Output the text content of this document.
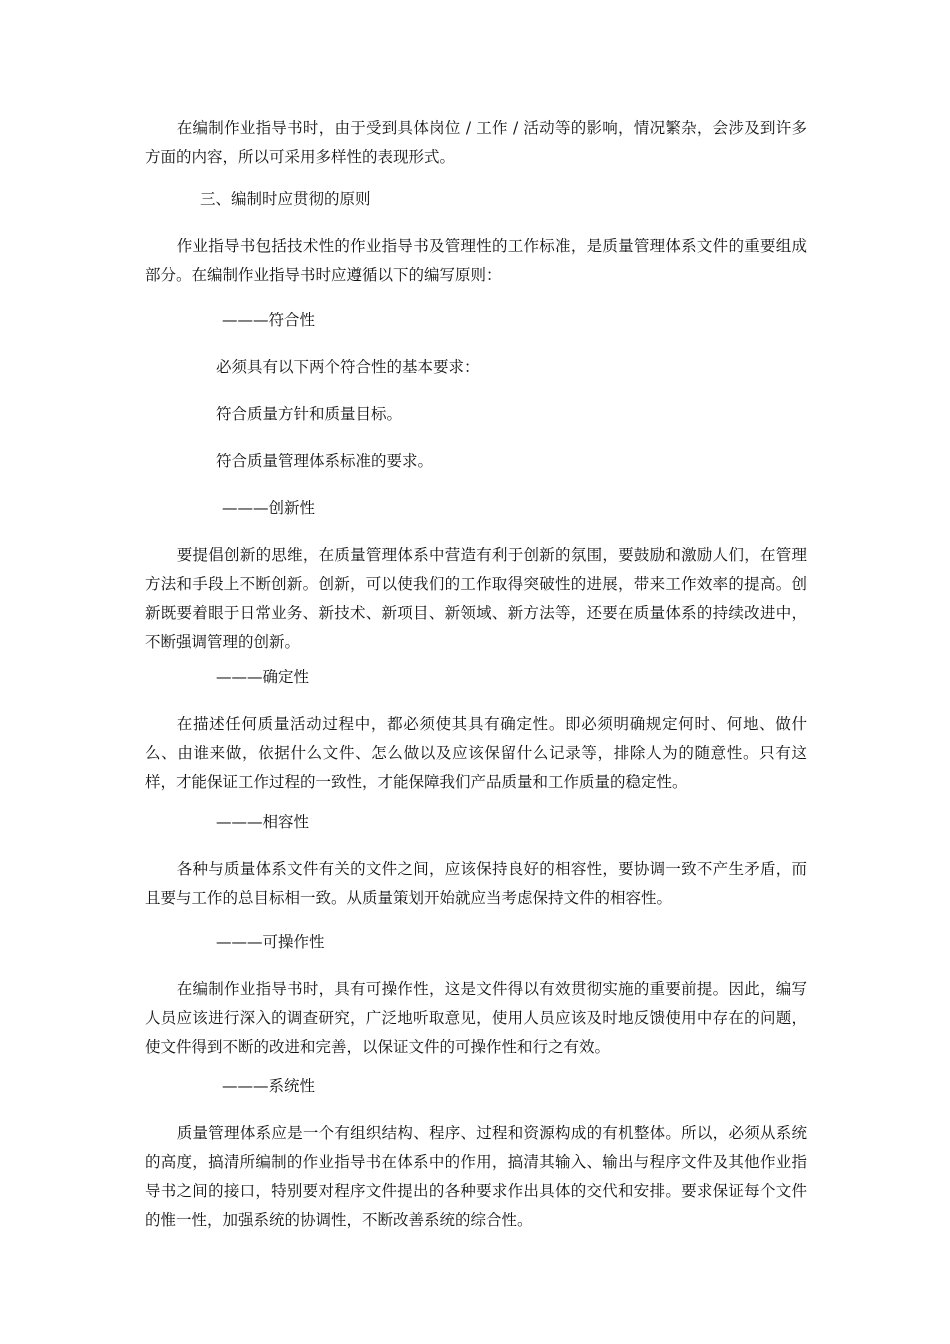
在编制作业指导书时，由于受到具体岗位 / 工作 / 活动等的影响，情况繁杂，会涉及到许多方面的内容，所以可采用多样性的表现形式。

三、编制时应贯彻的原则

作业指导书包括技术性的作业指导书及管理性的工作标准，是质量管理体系文件的重要组成部分。在编制作业指导书时应遵循以下的编写原则：

———符合性

必须具有以下两个符合性的基本要求：

符合质量方针和质量目标。

符合质量管理体系标准的要求。

———创新性

要提倡创新的思维，在质量管理体系中营造有利于创新的氛围，要鼓励和激励人们，在管理方法和手段上不断创新。创新，可以使我们的工作取得突破性的进展，带来工作效率的提高。创新既要着眼于日常业务、新技术、新项目、新领域、新方法等，还要在质量体系的持续改进中，不断强调管理的创新。

———确定性

在描述任何质量活动过程中，都必须使其具有确定性。即必须明确规定何时、何地、做什么、由谁来做，依据什么文件、怎么做以及应该保留什么记录等，排除人为的随意性。只有这样，才能保证工作过程的一致性，才能保障我们产品质量和工作质量的稳定性。

———相容性

各种与质量体系文件有关的文件之间，应该保持良好的相容性，要协调一致不产生矛盾，而且要与工作的总目标相一致。从质量策划开始就应当考虑保持文件的相容性。

———可操作性

在编制作业指导书时，具有可操作性，这是文件得以有效贯彻实施的重要前提。因此，编写人员应该进行深入的调查研究，广泛地听取意见，使用人员应该及时地反馈使用中存在的问题，使文件得到不断的改进和完善，以保证文件的可操作性和行之有效。

———系统性

质量管理体系应是一个有组织结构、程序、过程和资源构成的有机整体。所以，必须从系统的高度，搞清所编制的作业指导书在体系中的作用，搞清其输入、输出与程序文件及其他作业指导书之间的接口，特别要对程序文件提出的各种要求作出具体的交代和安排。要求保证每个文件的惟一性，加强系统的协调性，不断改善系统的综合性。
